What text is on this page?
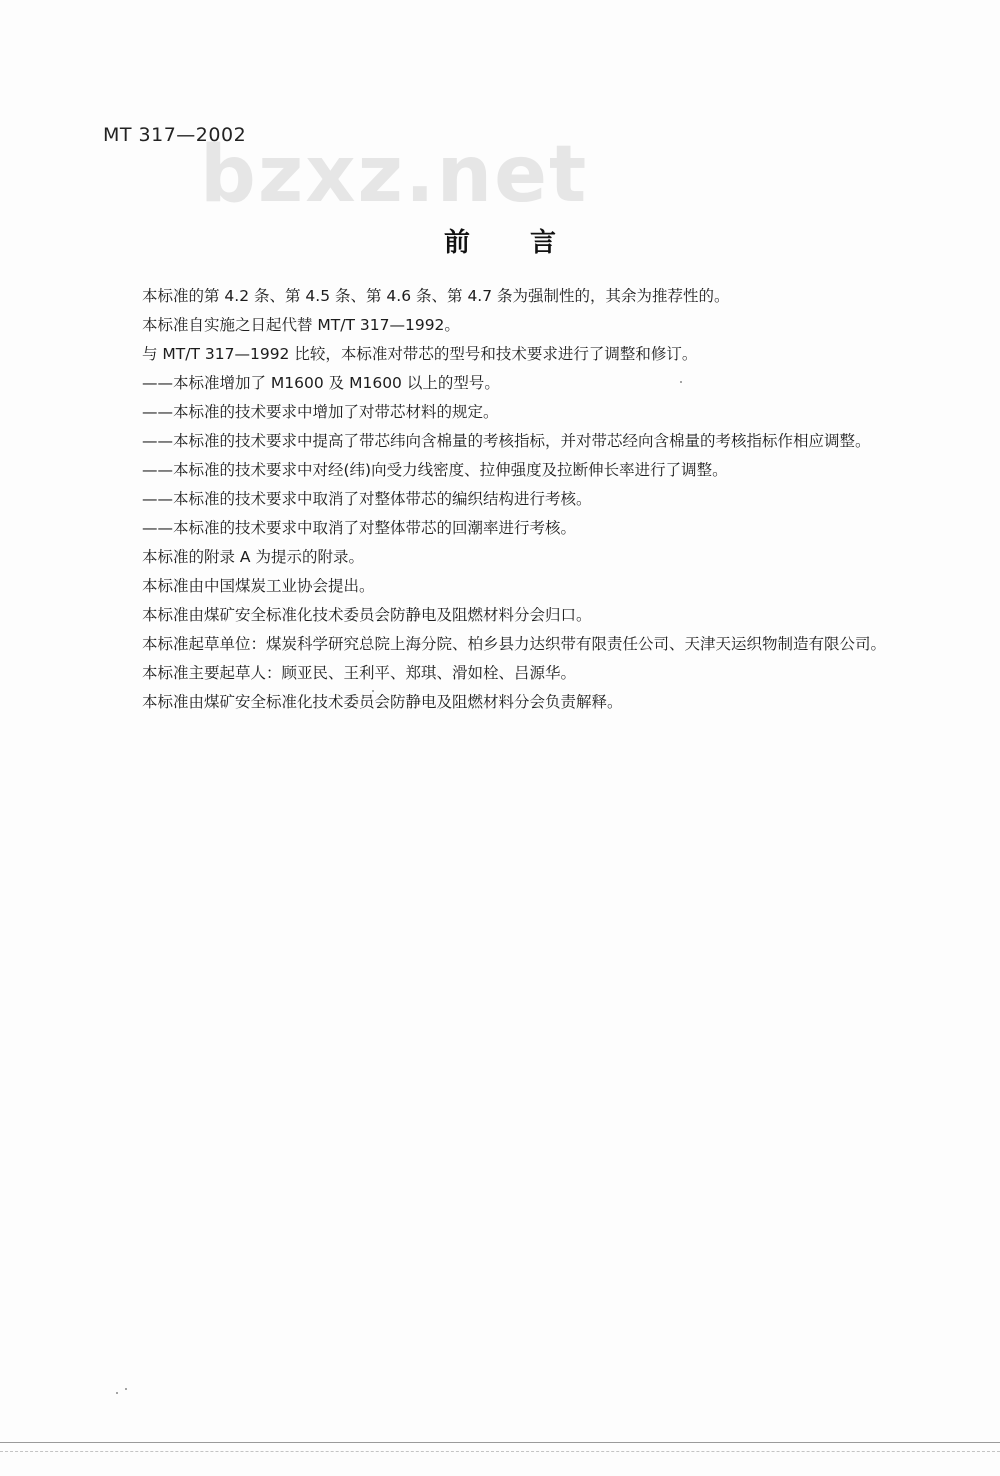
MT 317—2002
bzxz.net
前言

本标准的第 4.2 条、第 4.5 条、第 4.6 条、第 4.7 条为强制性的，其余为推荐性的。

本标准自实施之日起代替 MT/T 317—1992。

与 MT/T 317—1992 比较，本标准对带芯的型号和技术要求进行了调整和修订。

——本标准增加了 M1600 及 M1600 以上的型号。

——本标准的技术要求中增加了对带芯材料的规定。

——本标准的技术要求中提高了带芯纬向含棉量的考核指标，并对带芯经向含棉量的考核指标作相应调整。

——本标准的技术要求中对经(纬)向受力线密度、拉伸强度及拉断伸长率进行了调整。

——本标准的技术要求中取消了对整体带芯的编织结构进行考核。

——本标准的技术要求中取消了对整体带芯的回潮率进行考核。

本标准的附录 A 为提示的附录。

本标准由中国煤炭工业协会提出。

本标准由煤矿安全标准化技术委员会防静电及阻燃材料分会归口。

本标准起草单位：煤炭科学研究总院上海分院、柏乡县力达织带有限责任公司、天津天运织物制造有限公司。

本标准主要起草人：顾亚民、王利平、郑琪、滑如栓、吕源华。

本标准由煤矿安全标准化技术委员会防静电及阻燃材料分会负责解释。
